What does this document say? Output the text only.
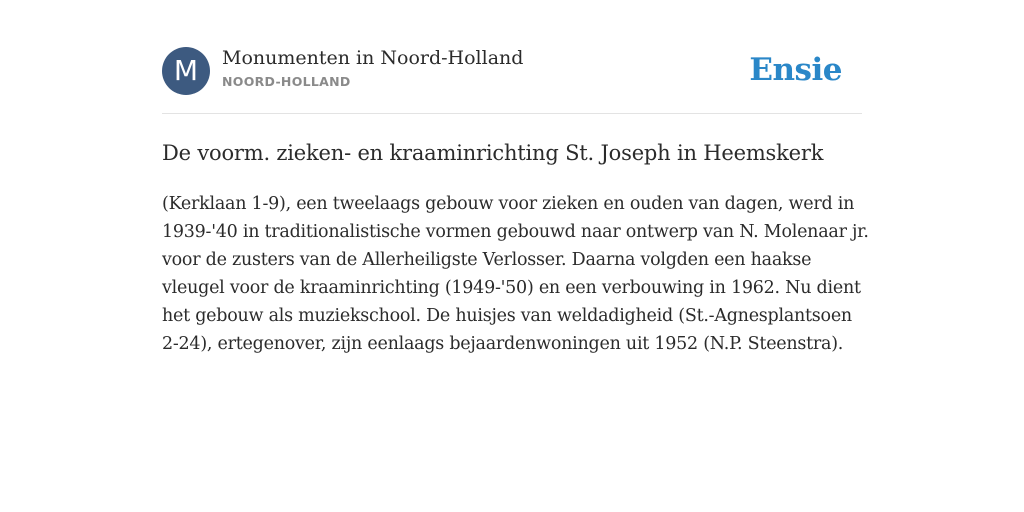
M	Monumenten in Noord-Holland
NOORD-HOLLAND	Ensie
De voorm. zieken- en kraaminrichting St. Joseph in Heemskerk
(Kerklaan 1-9), een tweelaags gebouw voor zieken en ouden van dagen, werd in
1939-'40 in traditionalistische vormen gebouwd naar ontwerp van N. Molenaar jr.
voor de zusters van de Allerheiligste Verlosser. Daarna volgden een haakse
vleugel voor de kraaminrichting (1949-'50) en een verbouwing in 1962. Nu dient
het gebouw als muziekschool. De huisjes van weldadigheid (St.-Agnesplantsoen
2-24), ertegenover, zijn eenlaags bejaardenwoningen uit 1952 (N.P. Steenstra).
